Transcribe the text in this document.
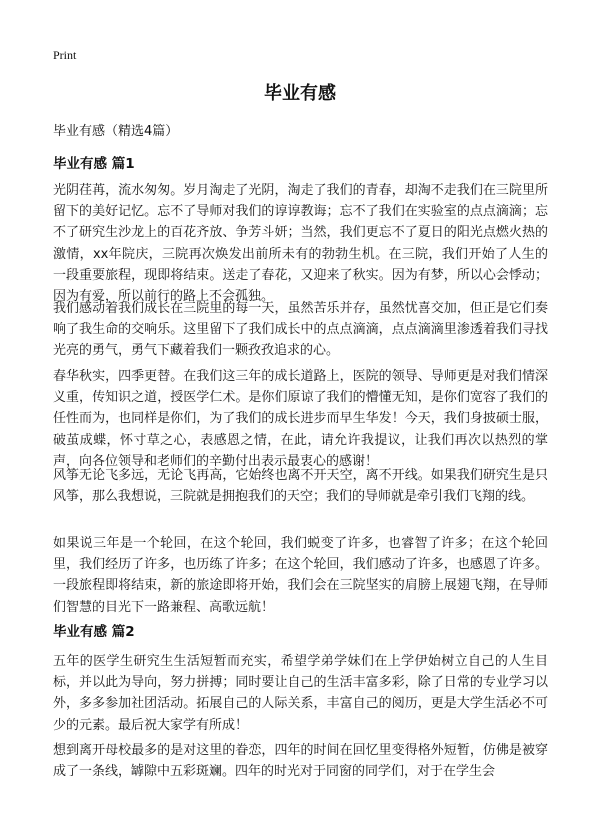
Print
毕业有感
毕业有感（精选4篇）
毕业有感 篇1

光阴荏苒，流水匆匆。岁月淘走了光阴，淘走了我们的青春，却淘不走我们在三院里所留下的美好记忆。忘不了导师对我们的谆谆教诲；忘不了我们在实验室的点点滴滴；忘不了研究生沙龙上的百花齐放、争芳斗妍；当然，我们更忘不了夏日的阳光点燃火热的激情，xx年院庆，三院再次焕发出前所未有的勃勃生机。在三院，我们开始了人生的一段重要旅程，现即将结束。送走了春花，又迎来了秋实。因为有梦，所以心会悸动；因为有爱，所以前行的路上不会孤独。

我们感动着我们成长在三院里的每一天，虽然苦乐并存，虽然忧喜交加，但正是它们奏响了我生命的交响乐。这里留下了我们成长中的点点滴滴，点点滴滴里渗透着我们寻找光亮的勇气，勇气下藏着我们一颗孜孜追求的心。

春华秋实，四季更替。在我们这三年的成长道路上，医院的领导、导师更是对我们情深义重，传知识之道，授医学仁术。是你们原谅了我们的懵懂无知，是你们宽容了我们的任性而为，也同样是你们，为了我们的成长进步而早生华发！今天，我们身披硕士服，破茧成蝶，怀寸草之心，表感恩之情，在此，请允许我提议，让我们再次以热烈的掌声，向各位领导和老师们的辛勤付出表示最衷心的感谢！

风筝无论飞多远，无论飞再高，它始终也离不开天空，离不开线。如果我们研究生是只风筝，那么我想说，三院就是拥抱我们的天空；我们的导师就是牵引我们飞翔的线。

如果说三年是一个轮回，在这个轮回，我们蜕变了许多，也睿智了许多；在这个轮回里，我们经历了许多，也历练了许多；在这个轮回，我们感动了许多，也感恩了许多。一段旅程即将结束，新的旅途即将开始，我们会在三院坚实的肩膀上展翅飞翔，在导师们智慧的目光下一路兼程、高歌远航！

毕业有感 篇2

五年的医学生研究生生活短暂而充实，希望学弟学妹们在上学伊始树立自己的人生目标，并以此为导向，努力拼搏；同时要让自己的生活丰富多彩，除了日常的专业学习以外，多多参加社团活动。拓展自己的人际关系，丰富自己的阅历，更是大学生活必不可少的元素。最后祝大家学有所成！

想到离开母校最多的是对这里的眷恋，四年的时间在回忆里变得格外短暂，仿佛是被穿成了一条线，罅隙中五彩斑斓。四年的时光对于同窗的同学们，对于在学生会
